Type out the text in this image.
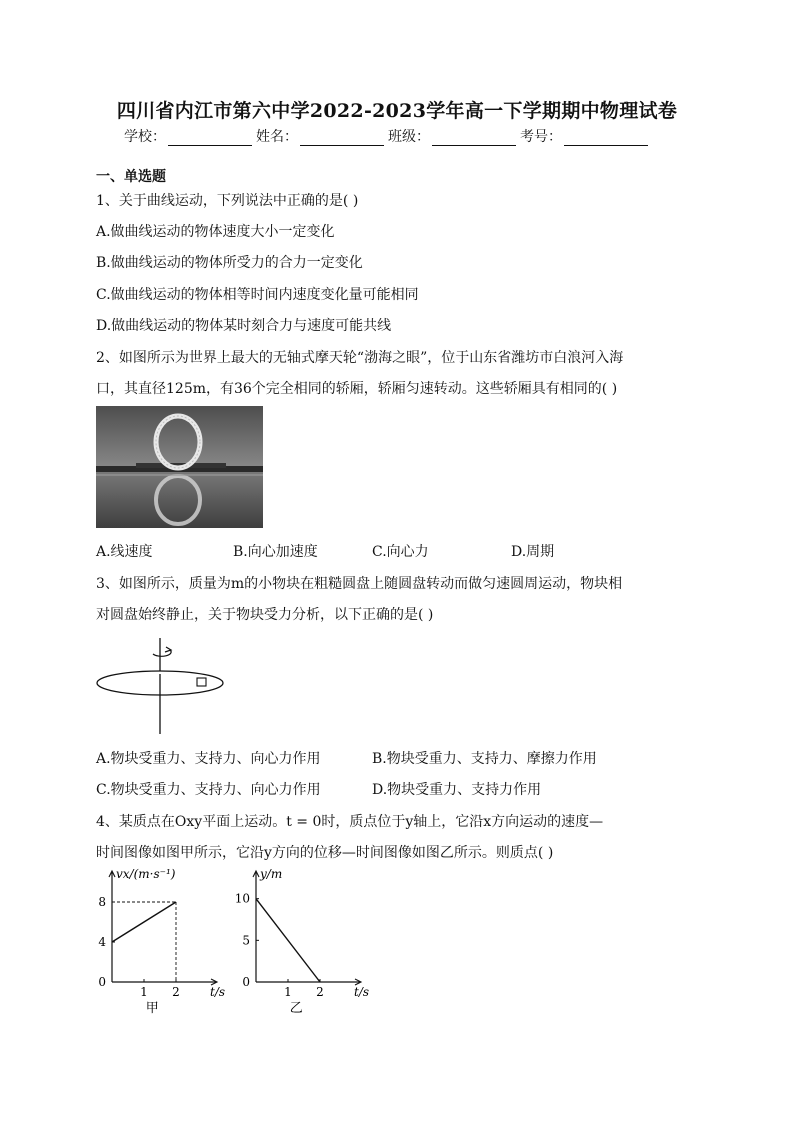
四川省内江市第六中学2022-2023学年高一下学期期中物理试卷
学校：	姓名：	班级：	考号：
一、单选题
1、关于曲线运动，下列说法中正确的是( )
A.做曲线运动的物体速度大小一定变化
B.做曲线运动的物体所受力的合力一定变化
C.做曲线运动的物体相等时间内速度变化量可能相同
D.做曲线运动的物体某时刻合力与速度可能共线
2、如图所示为世界上最大的无轴式摩天轮“渤海之眼”，位于山东省潍坊市白浪河入海
口，其直径125m，有36个完全相同的轿厢，轿厢匀速转动。这些轿厢具有相同的( )
A.线速度	B.向心加速度	C.向心力	D.周期
3、如图所示，质量为m的小物块在粗糙圆盘上随圆盘转动而做匀速圆周运动，物块相
对圆盘始终静止，关于物块受力分析，以下正确的是( )
A.物块受重力、支持力、向心力作用	B.物块受重力、支持力、摩擦力作用
C.物块受重力、支持力、向心力作用	D.物块受重力、支持力作用
4、某质点在Oxy平面上运动。t = 0时，质点位于y轴上，它沿x方向运动的速度—
时间图像如图甲所示，它沿y方向的位移—时间图像如图乙所示。则质点( )
1 2
0
4
8
vx/(m·s⁻¹)
t/s
甲
1 2
0
5
10
y/m
t/s
乙
